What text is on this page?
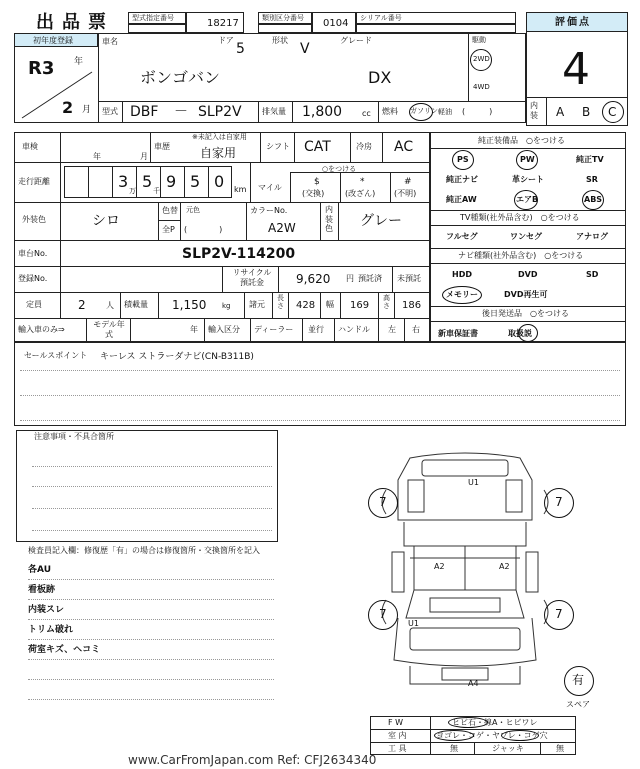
出品票	型式指定番号	18217	類別区分番号 0104 シリアル番号
初年度登録
R3 年
2 月
車名	ドア
5
形状
V
グレード
ボンゴバン	DX
駆動
2WD
4WD
型式 DBF － SLP2V	排気量 1,800 cc 燃料 ガソリン 軽油 (　　　)
評価点
4
内装	A B C
車検
年	月
車歴
※未記入は自家用
自家用	シフト CAT	冷房 AC
走行距離	3 万 5 千 9 5 0 km マイル
○をつける
$
(交換)
*
(改ざん)
#
(不明)
外装色	シロ
色替 元色
全P (　　　　)
カラーNo.
A2W
内装色 グレー
車台No.	SLP2V-114200
登録No.
リサイクル預託金	9,620 円 預託済 未預託
定員	2	人 積載量 1,150 kg 諸元
長さ 428 幅 169
高さ 186
輸入車のみ⇒
モデル年式
年 輸入区分 ディーラー 並行 ハンドル 左 右
純正装備品　○をつける
PS	PW	純正TV
純正ナビ	革シート	SR
純正AW	エアB	ABS
TV種類(社外品含む)　○をつける
フルセグ	ワンセグ	アナログ
ナビ種類(社外品含む)　○をつける
HDD	DVD	SD
メモリー	DVD再生可
後日発送品　○をつける
新車保証書	取扱説
セールスポイント キーレス ストラーダナビ(CN-B311B)
注意事項・不具合箇所
検査員記入欄：修復歴「有」の場合は修復箇所・交換箇所を記入
各AU
看板跡
内装スレ
トリム破れ
荷室キズ、ヘコミ
U1
A2	A2
U1
A4
7	7
7	7
有
スペア
F W	ヒビ石・線A・ヒビワレ
室 内	ヨゴレ・コゲ・ヤブレ・コゲ穴
工 具	無	ジャッキ	無
www.CarFromJapan.com Ref: CFJ2634340
